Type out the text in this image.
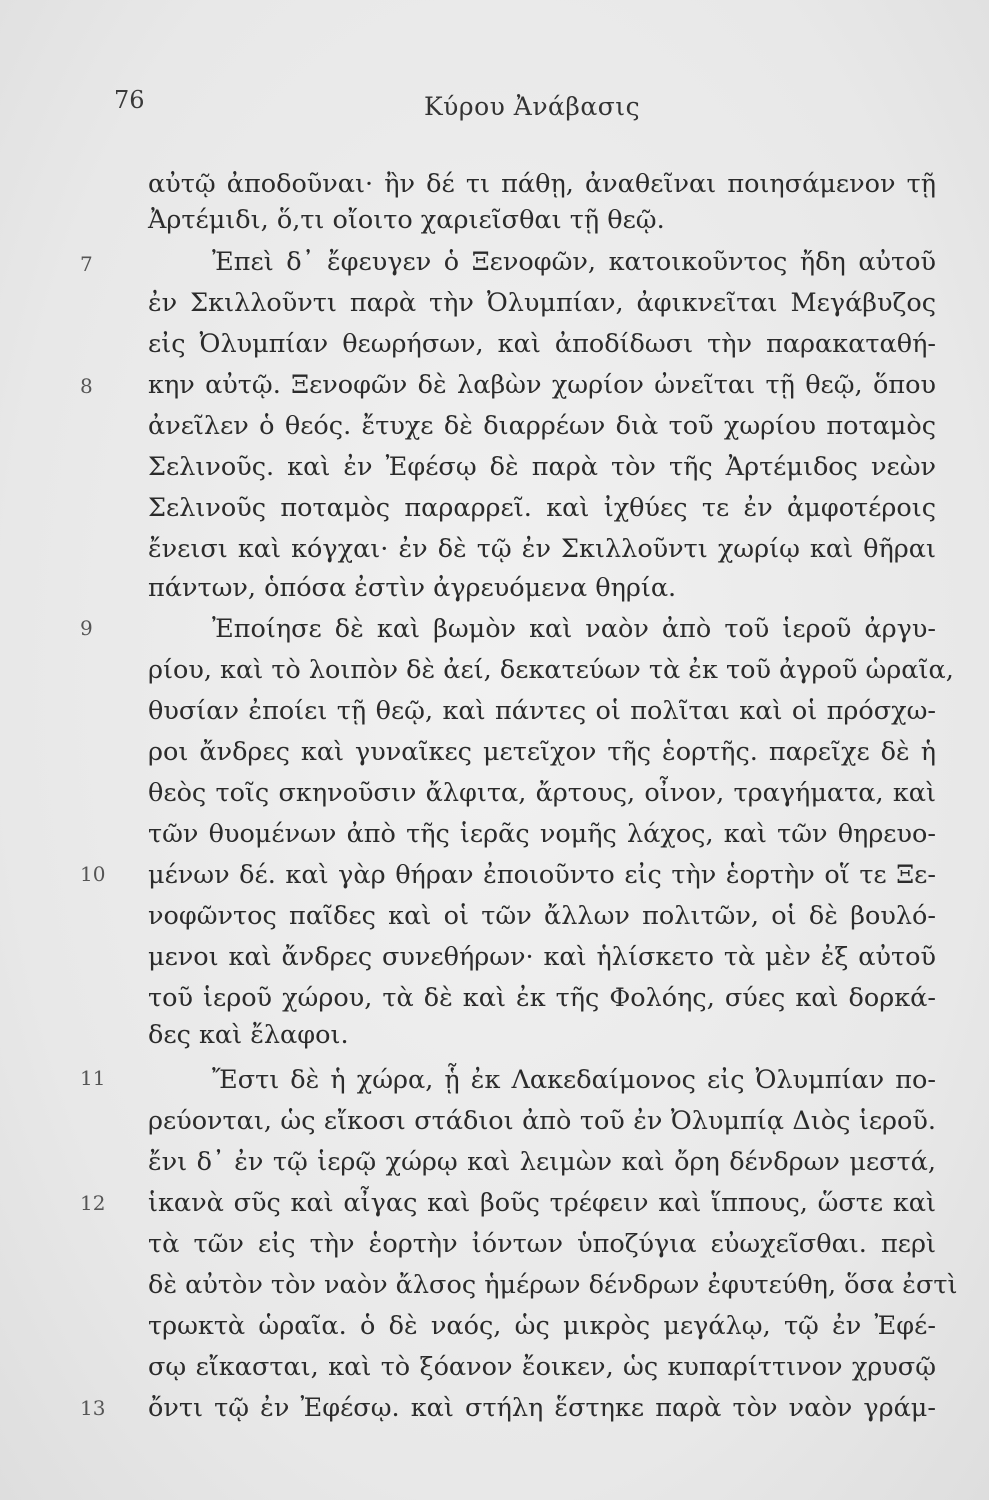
76	Κύρου Ἀνάβασις
αὐτῷ ἀποδοῦναι· ἢν δέ τι πάθῃ, ἀναθεῖναι ποιησάμενον τῇ
Ἀρτέμιδι, ὅ,τι οἴοιτο χαριεῖσθαι τῇ θεῷ.
Ἐπεὶ δ᾽ ἔφευγεν ὁ Ξενοφῶν, κατοικοῦντος ἤδη αὐτοῦ
ἐν Σκιλλοῦντι παρὰ τὴν Ὀλυμπίαν, ἀφικνεῖται Μεγάβυζος
εἰς Ὀλυμπίαν θεωρήσων, καὶ ἀποδίδωσι τὴν παρακαταθή-
κην αὐτῷ. Ξενοφῶν δὲ λαβὼν χωρίον ὠνεῖται τῇ θεῷ, ὅπου
ἀνεῖλεν ὁ θεός. ἔτυχε δὲ διαρρέων διὰ τοῦ χωρίου ποταμὸς
Σελινοῦς. καὶ ἐν Ἐφέσῳ δὲ παρὰ τὸν τῆς Ἀρτέμιδος νεὼν
Σελινοῦς ποταμὸς παραρρεῖ. καὶ ἰχθύες τε ἐν ἀμφοτέροις
ἔνεισι καὶ κόγχαι· ἐν δὲ τῷ ἐν Σκιλλοῦντι χωρίῳ καὶ θῆραι
πάντων, ὁπόσα ἐστὶν ἀγρευόμενα θηρία.
Ἐποίησε δὲ καὶ βωμὸν καὶ ναὸν ἀπὸ τοῦ ἱεροῦ ἀργυ-
ρίου, καὶ τὸ λοιπὸν δὲ ἀεί, δεκατεύων τὰ ἐκ τοῦ ἀγροῦ ὡραῖα,
θυσίαν ἐποίει τῇ θεῷ, καὶ πάντες οἱ πολῖται καὶ οἱ πρόσχω-
ροι ἄνδρες καὶ γυναῖκες μετεῖχον τῆς ἑορτῆς. παρεῖχε δὲ ἡ
θεὸς τοῖς σκηνοῦσιν ἄλφιτα, ἄρτους, οἶνον, τραγήματα, καὶ
τῶν θυομένων ἀπὸ τῆς ἱερᾶς νομῆς λάχος, καὶ τῶν θηρευο-
μένων δέ. καὶ γὰρ θήραν ἐποιοῦντο εἰς τὴν ἑορτὴν οἵ τε Ξε-
νοφῶντος παῖδες καὶ οἱ τῶν ἄλλων πολιτῶν, οἱ δὲ βουλό-
μενοι καὶ ἄνδρες συνεθήρων· καὶ ἡλίσκετο τὰ μὲν ἐξ αὐτοῦ
τοῦ ἱεροῦ χώρου, τὰ δὲ καὶ ἐκ τῆς Φολόης, σύες καὶ δορκά-
δες καὶ ἔλαφοι.
Ἔστι δὲ ἡ χώρα, ᾗ ἐκ Λακεδαίμονος εἰς Ὀλυμπίαν πο-
ρεύονται, ὡς εἴκοσι στάδιοι ἀπὸ τοῦ ἐν Ὀλυμπίᾳ Διὸς ἱεροῦ.
ἔνι δ᾽ ἐν τῷ ἱερῷ χώρῳ καὶ λειμὼν καὶ ὄρη δένδρων μεστά,
ἱκανὰ σῦς καὶ αἶγας καὶ βοῦς τρέφειν καὶ ἵππους, ὥστε καὶ
τὰ τῶν εἰς τὴν ἑορτὴν ἰόντων ὑποζύγια εὐωχεῖσθαι. περὶ
δὲ αὐτὸν τὸν ναὸν ἄλσος ἡμέρων δένδρων ἐφυτεύθη, ὅσα ἐστὶ
τρωκτὰ ὡραῖα. ὁ δὲ ναός, ὡς μικρὸς μεγάλῳ, τῷ ἐν Ἐφέ-
σῳ εἴκασται, καὶ τὸ ξόανον ἔοικεν, ὡς κυπαρίττινον χρυσῷ
ὄντι τῷ ἐν Ἐφέσῳ. καὶ στήλη ἕστηκε παρὰ τὸν ναὸν γράμ-
7
8
9
10
11
12
13
